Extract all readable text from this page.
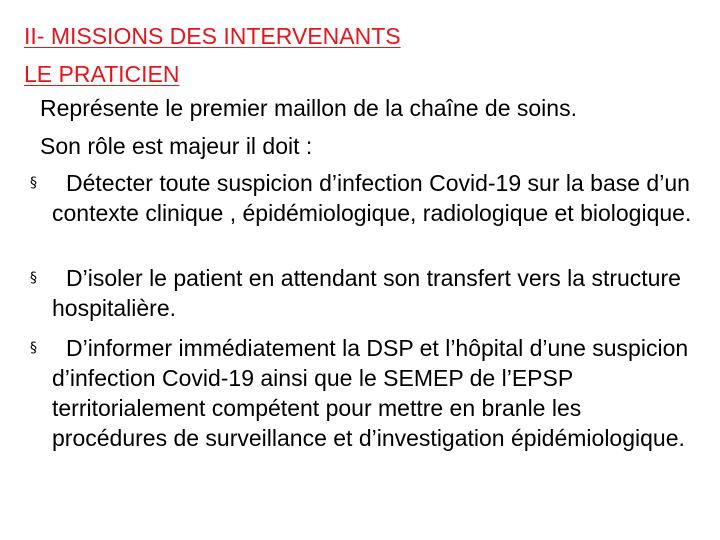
II- MISSIONS DES INTERVENANTS
LE PRATICIEN
Représente le premier maillon de la chaîne de soins.
Son rôle est majeur il doit :
§	Détecter toute suspicion d’infection Covid-19 sur la base d’un contexte clinique , épidémiologique, radiologique et biologique.
§	D’isoler le patient en attendant son transfert vers la structure hospitalière.
§	D’informer immédiatement la DSP et l’hôpital d’une suspicion d’infection Covid-19 ainsi que le SEMEP de l’EPSP territorialement compétent pour mettre en branle les procédures de surveillance et d’investigation épidémiologique.
